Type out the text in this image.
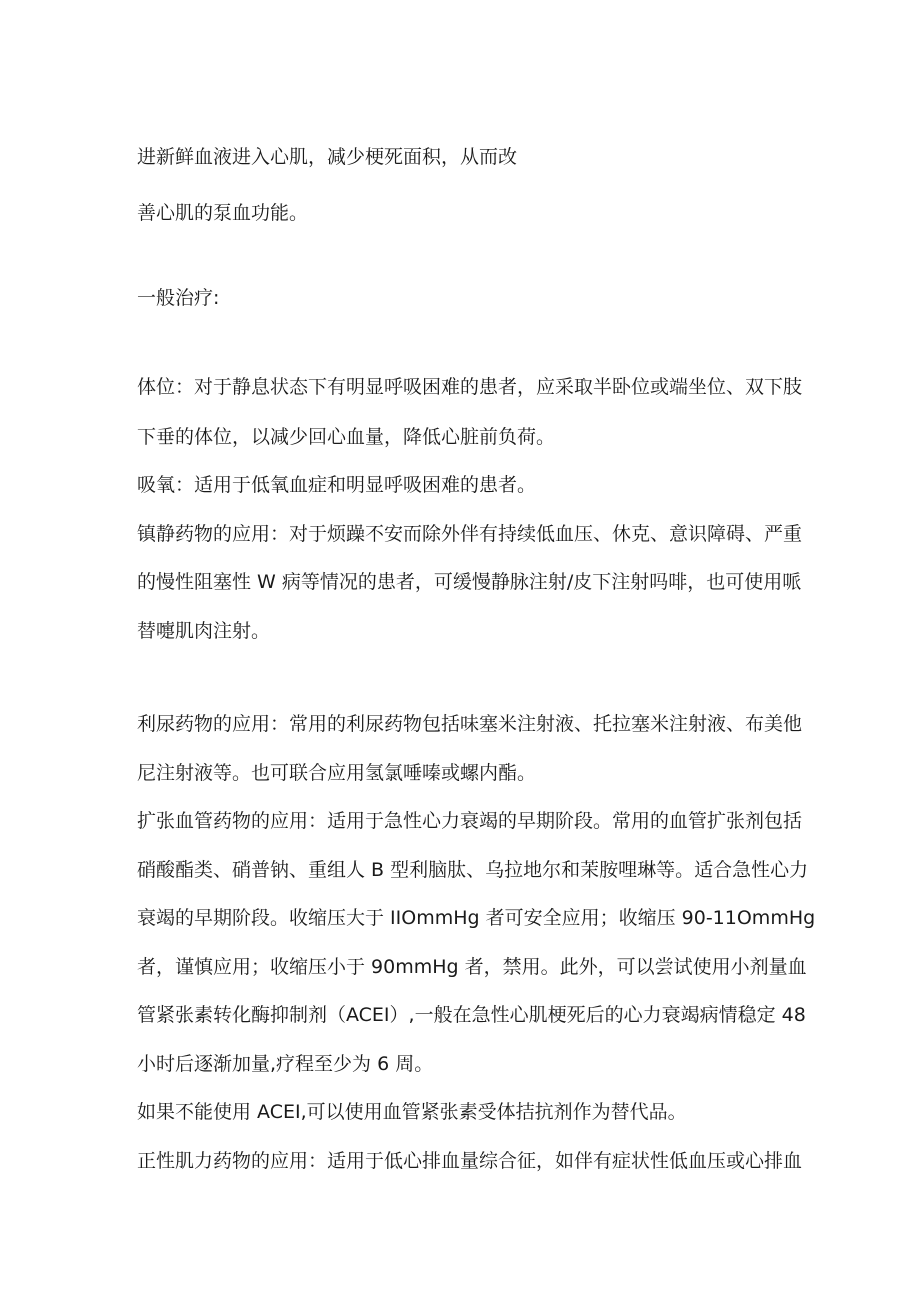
进新鲜血液进入心肌，减少梗死面积，从而改
善心肌的泵血功能。
一般治疗:
体位：对于静息状态下有明显呼吸困难的患者，应采取半卧位或端坐位、双下肢
下垂的体位，以减少回心血量，降低心脏前负荷。
吸氧：适用于低氧血症和明显呼吸困难的患者。
镇静药物的应用：对于烦躁不安而除外伴有持续低血压、休克、意识障碍、严重
的慢性阻塞性 W 病等情况的患者，可缓慢静脉注射/皮下注射吗啡，也可使用哌
替嚏肌肉注射。
利尿药物的应用：常用的利尿药物包括味塞米注射液、托拉塞米注射液、布美他
尼注射液等。也可联合应用氢氯唾嗪或螺内酯。
扩张血管药物的应用：适用于急性心力衰竭的早期阶段。常用的血管扩张剂包括
硝酸酯类、硝普钠、重组人 B 型利脑肽、乌拉地尔和茉胺哩琳等。适合急性心力
衰竭的早期阶段。收缩压大于 IIOmmHg 者可安全应用；收缩压 90-11OmmHg
者，谨慎应用；收缩压小于 90mmHg 者，禁用。此外，可以尝试使用小剂量血
管紧张素转化酶抑制剂（ACEI）,一般在急性心肌梗死后的心力衰竭病情稳定 48
小时后逐渐加量,疗程至少为 6 周。
如果不能使用 ACEI,可以使用血管紧张素受体拮抗剂作为替代品。
正性肌力药物的应用：适用于低心排血量综合征，如伴有症状性低血压或心排血
